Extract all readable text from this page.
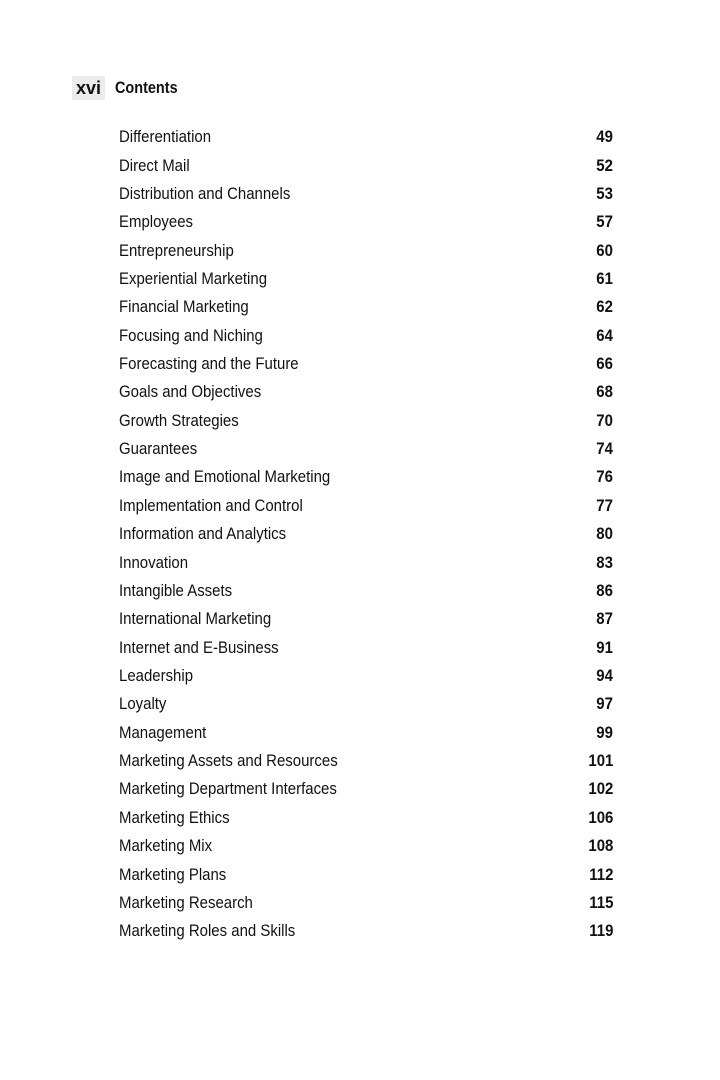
xvi Contents
Differentiation	49
Direct Mail	52
Distribution and Channels	53
Employees	57
Entrepreneurship	60
Experiential Marketing	61
Financial Marketing	62
Focusing and Niching	64
Forecasting and the Future	66
Goals and Objectives	68
Growth Strategies	70
Guarantees	74
Image and Emotional Marketing	76
Implementation and Control	77
Information and Analytics	80
Innovation	83
Intangible Assets	86
International Marketing	87
Internet and E-Business	91
Leadership	94
Loyalty	97
Management	99
Marketing Assets and Resources	101
Marketing Department Interfaces	102
Marketing Ethics	106
Marketing Mix	108
Marketing Plans	112
Marketing Research	115
Marketing Roles and Skills	119
